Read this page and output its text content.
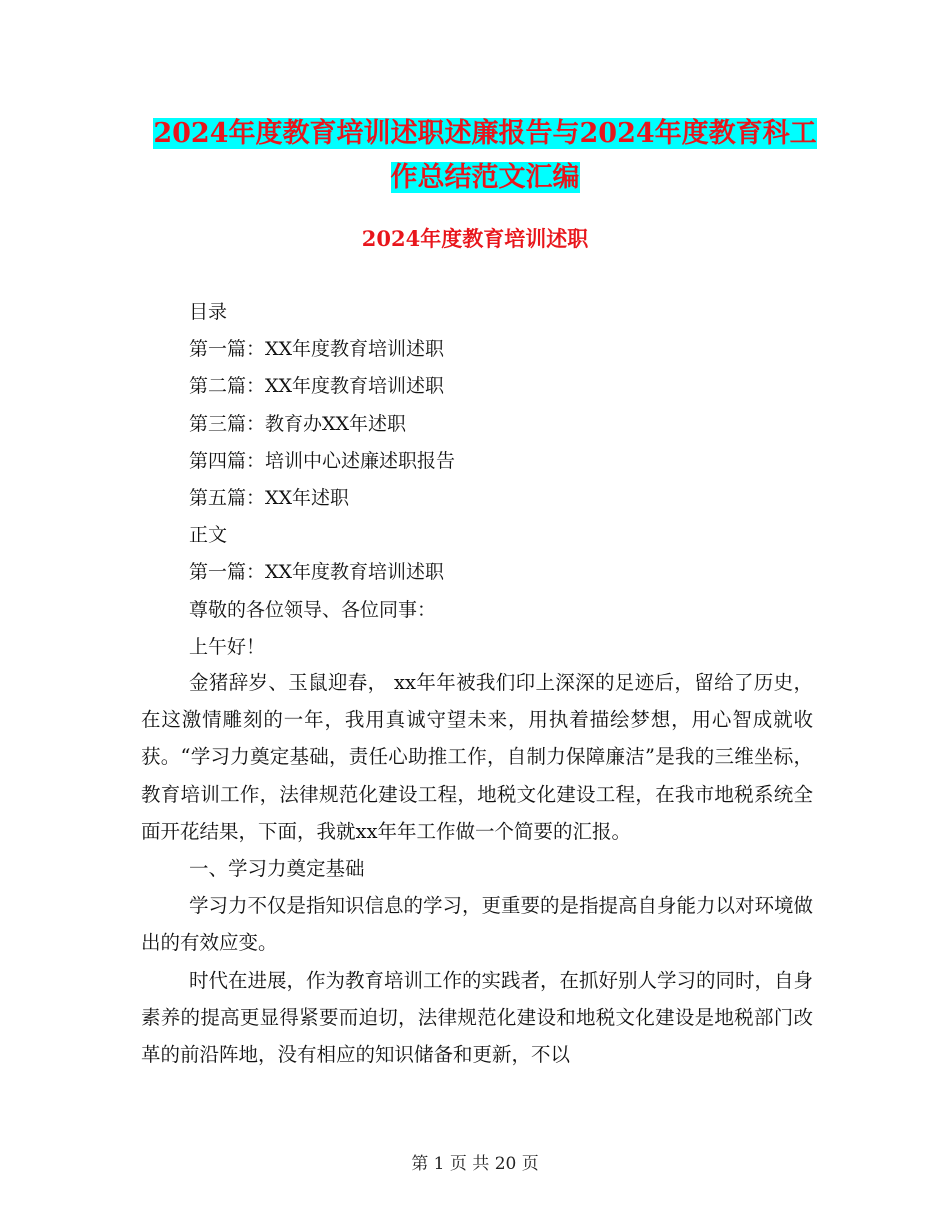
2024年度教育培训述职述廉报告与2024年度教育科工
作总结范文汇编
2024年度教育培训述职
目录
第一篇：XX年度教育培训述职
第二篇：XX年度教育培训述职
第三篇：教育办XX年述职
第四篇：培训中心述廉述职报告
第五篇：XX年述职
正文
第一篇：XX年度教育培训述职
尊敬的各位领导、各位同事：
上午好！

金猪辞岁、玉鼠迎春， xx年年被我们印上深深的足迹后，留给了历史，在这激情雕刻的一年，我用真诚守望未来，用执着描绘梦想，用心智成就收获。“学习力奠定基础，责任心助推工作，自制力保障廉洁”是我的三维坐标，教育培训工作，法律规范化建设工程，地税文化建设工程，在我市地税系统全面开花结果，下面，我就xx年年工作做一个简要的汇报。

一、学习力奠定基础

学习力不仅是指知识信息的学习，更重要的是指提高自身能力以对环境做出的有效应变。

时代在进展，作为教育培训工作的实践者，在抓好别人学习的同时，自身素养的提高更显得紧要而迫切，法律规范化建设和地税文化建设是地税部门改革的前沿阵地，没有相应的知识储备和更新，不以

第 1 页 共 20 页
